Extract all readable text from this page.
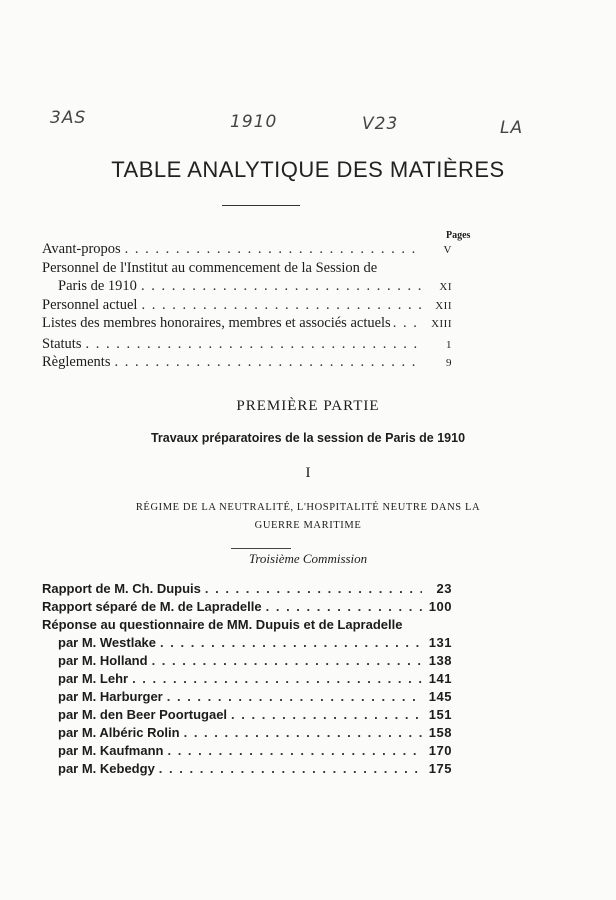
3AS	1910	V23	LA
TABLE ANALYTIQUE DES MATIÈRES
Pages
Avant-propos . . .	V
Personnel de l'Institut au commencement de la Session de
Paris de 1910 . . .	XI
Personnel actuel . . .	XII
Listes des membres honoraires, membres et associés actuels . . .	XIII
Statuts . . .	1
Règlements . . .	9
PREMIÈRE PARTIE
Travaux préparatoires de la session de Paris de 1910
I
RÉGIME DE LA NEUTRALITÉ, L'HOSPITALITÉ NEUTRE DANS LA
GUERRE MARITIME
Troisième Commission
Rapport de M. Ch. Dupuis . . .	23
Rapport séparé de M. de Lapradelle . . .	100
Réponse au questionnaire de MM. Dupuis et de Lapradelle
par M. Westlake . . .	131
par M. Holland . . .	138
par M. Lehr . . .	141
par M. Harburger . . .	145
par M. den Beer Poortugael . . .	151
par M. Albéric Rolin . . .	158
par M. Kaufmann . . .	170
par M. Kebedgy . . .	175
